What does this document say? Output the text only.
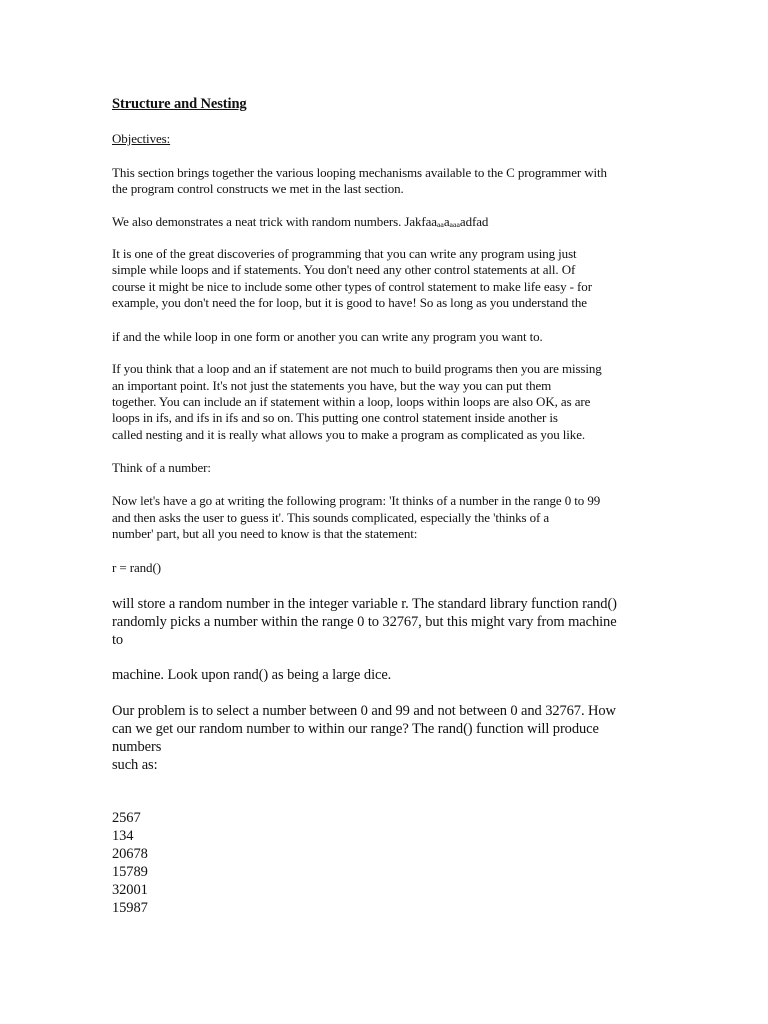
Structure and Nesting
Objectives:
This section brings together the various looping mechanisms available to the C programmer with
the program control constructs we met in the last section.
We also demonstrates a neat trick with random numbers. Jakfaaₐₐaₐₐₐadfad
It is one of the great discoveries of programming that you can write any program using just
simple while loops and if statements. You don't need any other control statements at all. Of
course it might be nice to include some other types of control statement to make life easy - for
example, you don't need the for loop, but it is good to have! So as long as you understand the
if and the while loop in one form or another you can write any program you want to.
If you think that a loop and an if statement are not much to build programs then you are missing
an important point. It's not just the statements you have, but the way you can put them
together. You can include an if statement within a loop, loops within loops are also OK, as are
loops in ifs, and ifs in ifs and so on. This putting one control statement inside another is
called nesting and it is really what allows you to make a program as complicated as you like.
Think of a number:
Now let's have a go at writing the following program: 'It thinks of a number in the range 0 to 99
and then asks the user to guess it'. This sounds complicated, especially the 'thinks of a
number' part, but all you need to know is that the statement:
r = rand()
will store a random number in the integer variable r. The standard library function rand()
randomly picks a number within the range 0 to 32767, but this might vary from machine
to
machine. Look upon rand() as being a large dice.
Our problem is to select a number between 0 and 99 and not between 0 and 32767. How
can we get our random number to within our range? The rand() function will produce
numbers
such as:
2567
134
20678
15789
32001
15987
